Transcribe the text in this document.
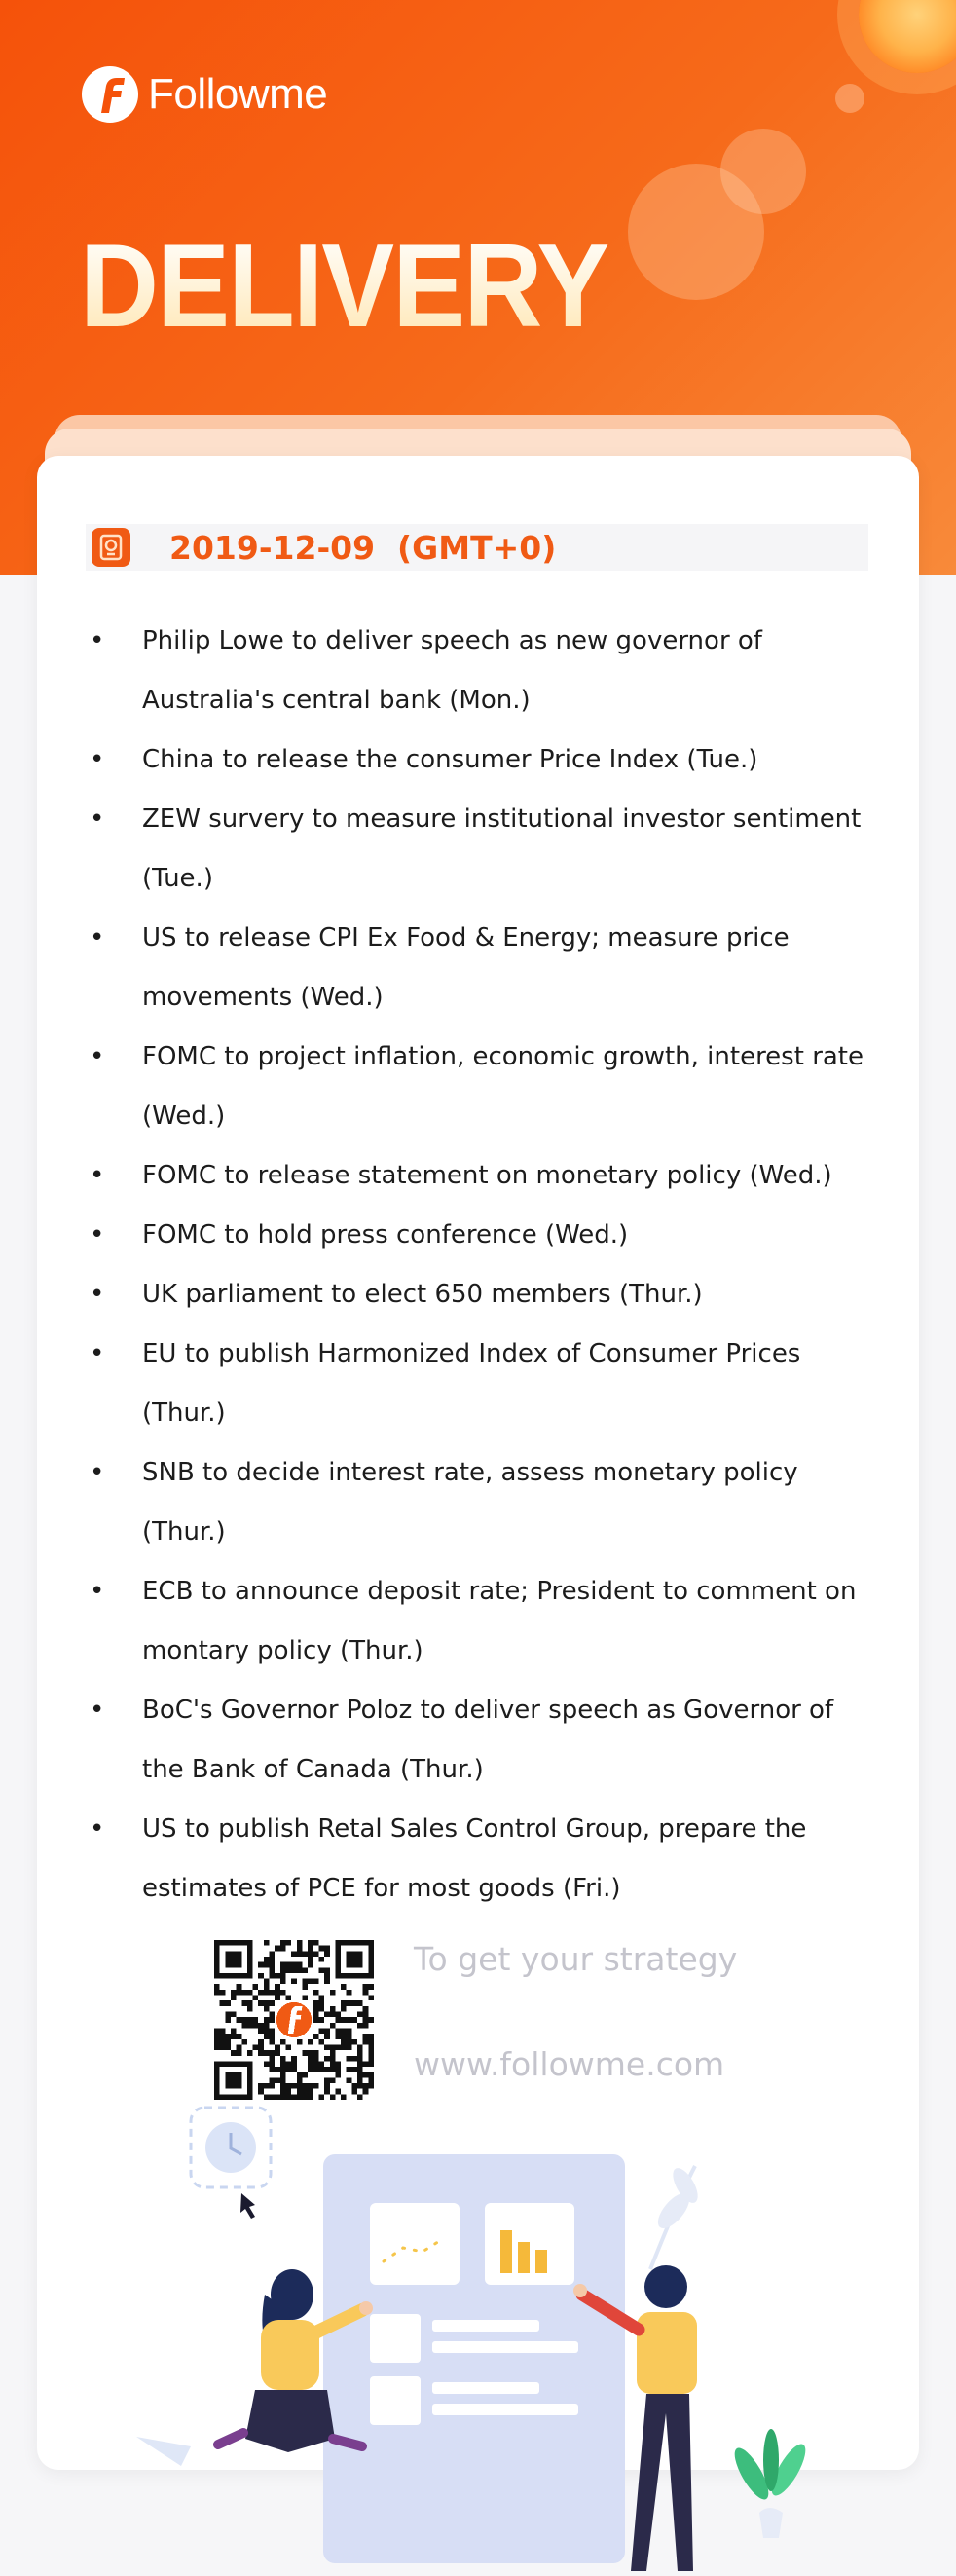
Followme
DELIVERY
2019-12-09  (GMT+0)
• Philip Lowe to deliver speech as new governor of Australia's central bank (Mon.)
• China to release the consumer Price Index (Tue.)
• ZEW survery to measure institutional investor sentiment (Tue.)
• US to release CPI Ex Food & Energy; measure price movements (Wed.)
• FOMC to project inflation, economic growth, interest rate (Wed.)
• FOMC to release statement on monetary policy (Wed.)
• FOMC to hold press conference (Wed.)
• UK parliament to elect 650 members (Thur.)
• EU to publish Harmonized Index of Consumer Prices (Thur.)
• SNB to decide interest rate, assess monetary policy (Thur.)
• ECB to announce deposit rate; President to comment on montary policy (Thur.)
• BoC's Governor Poloz to deliver speech as Governor of the Bank of Canada (Thur.)
• US to publish Retal Sales Control Group, prepare the estimates of PCE for most goods (Fri.)
To get your strategy
www.followme.com
